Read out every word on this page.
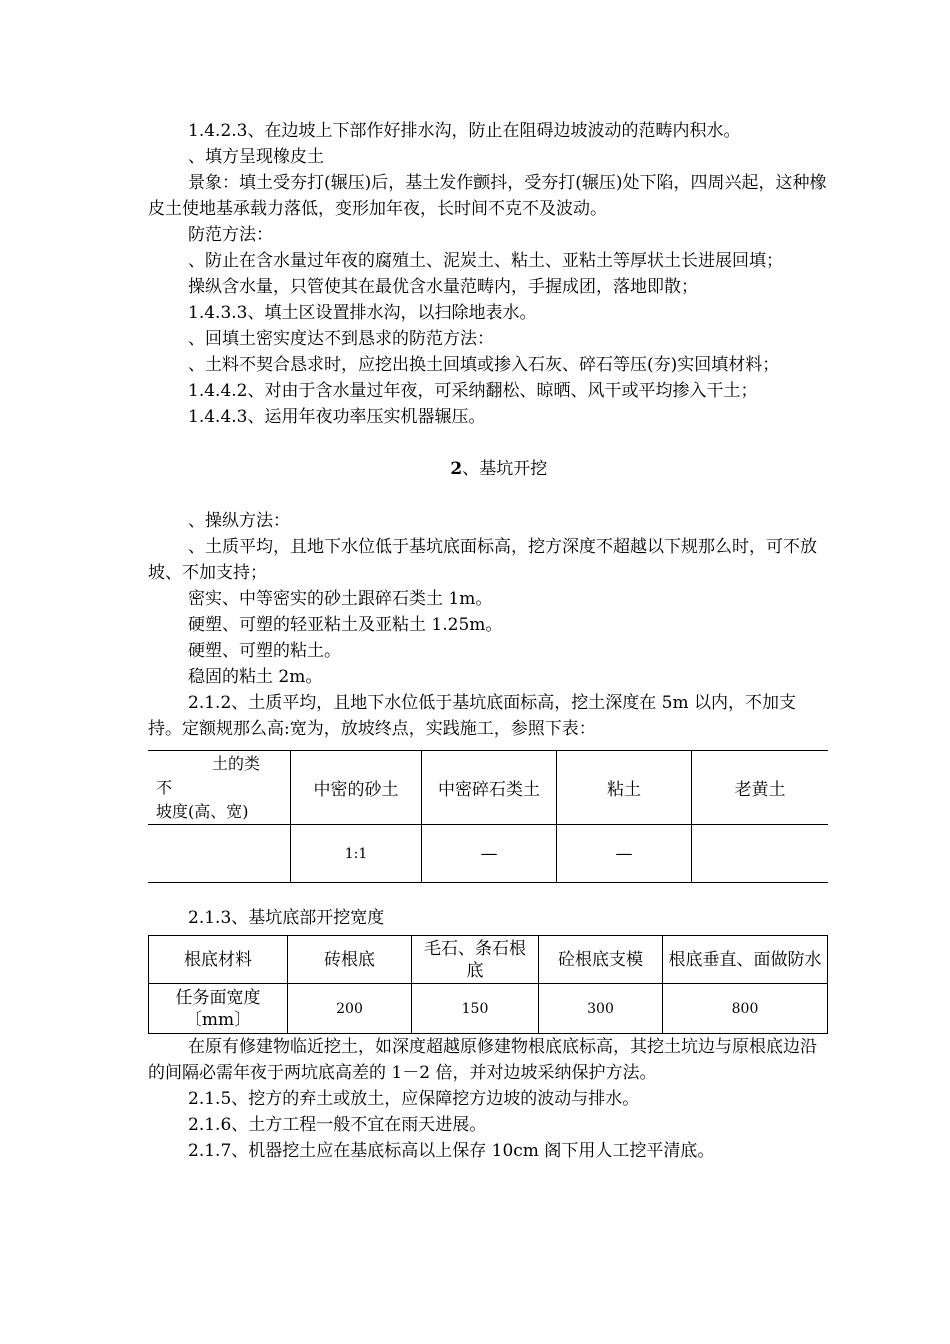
1.4.2.3、在边坡上下部作好排水沟，防止在阻碍边坡波动的范畴内积水。

、填方呈现橡皮土

景象：填土受夯打(辗压)后，基土发作颤抖，受夯打(辗压)处下陷，四周兴起，这种橡皮土使地基承载力落低，变形加年夜，长时间不克不及波动。

防范方法：

、防止在含水量过年夜的腐殖土、泥炭土、粘土、亚粘土等厚状土长进展回填；

操纵含水量，只管使其在最优含水量范畴内，手握成团，落地即散；

1.4.3.3、填土区设置排水沟，以扫除地表水。

、回填土密实度达不到恳求的防范方法：

、土料不契合恳求时，应挖出换土回填或掺入石灰、碎石等压(夯)实回填材料；

1.4.4.2、对由于含水量过年夜，可采纳翻松、晾晒、风干或平均掺入干土；

1.4.4.3、运用年夜功率压实机器辗压。

2、基坑开挖

、操纵方法：

、土质平均，且地下水位低于基坑底面标高，挖方深度不超越以下规那么时，可不放坡、不加支持；

密实、中等密实的砂土跟碎石类土 1m。

硬塑、可塑的轻亚粘土及亚粘土 1.25m。

硬塑、可塑的粘土。

稳固的粘土 2m。

2.1.2、土质平均，且地下水位低于基坑底面标高，挖土深度在 5m 以内，不加支持。定额规那么高:宽为，放坡终点，实践施工，参照下表：

土的类
不
坡度(高、宽)	中密的砂土	中密碎石类土	粘土	老黄土
	1:1	—	—	

2.1.3、基坑底部开挖宽度

根底材料	砖根底	毛石、条石根底	砼根底支模	根底垂直、面做防水
任务面宽度〔mm〕	200	150	300	800

在原有修建物临近挖土，如深度超越原修建物根底底标高，其挖土坑边与原根底边沿的间隔必需年夜于两坑底高差的 1－2 倍，并对边坡采纳保护方法。

2.1.5、挖方的弃土或放土，应保障挖方边坡的波动与排水。

2.1.6、土方工程一般不宜在雨天进展。

2.1.7、机器挖土应在基底标高以上保存 10cm 阁下用人工挖平清底。
